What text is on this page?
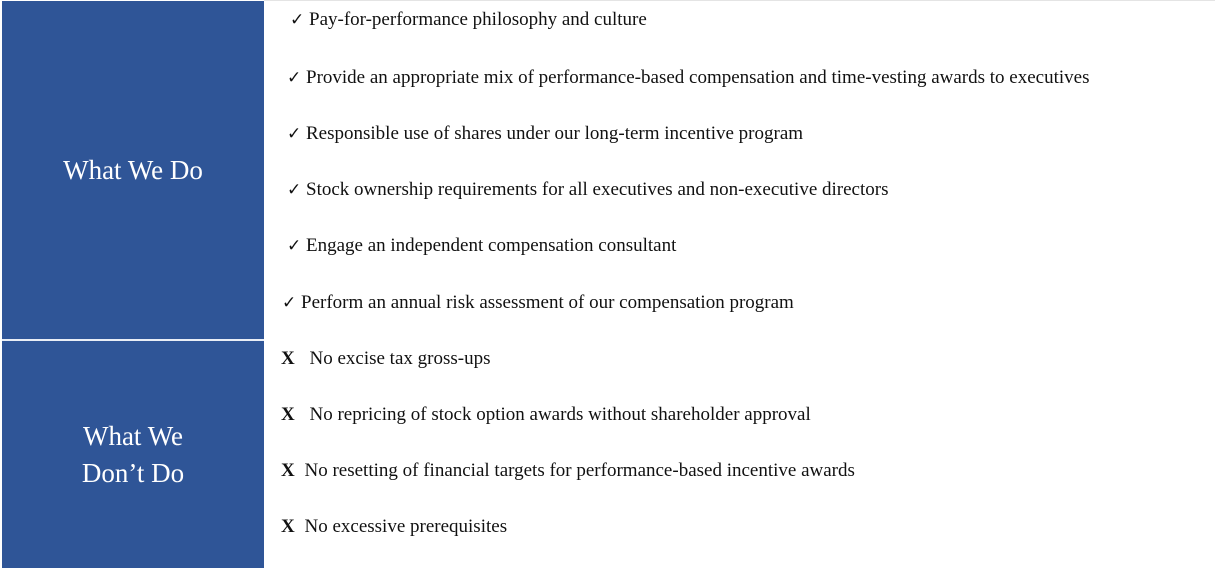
What We Do
What We
Don’t Do
✓ Pay-for-performance philosophy and culture
✓ Provide an appropriate mix of performance-based compensation and time-vesting awards to executives
✓ Responsible use of shares under our long-term incentive program
✓ Stock ownership requirements for all executives and non-executive directors
✓ Engage an independent compensation consultant
✓ Perform an annual risk assessment of our compensation program
X No excise tax gross-ups
X No repricing of stock option awards without shareholder approval
X No resetting of financial targets for performance-based incentive awards
X No excessive prerequisites
